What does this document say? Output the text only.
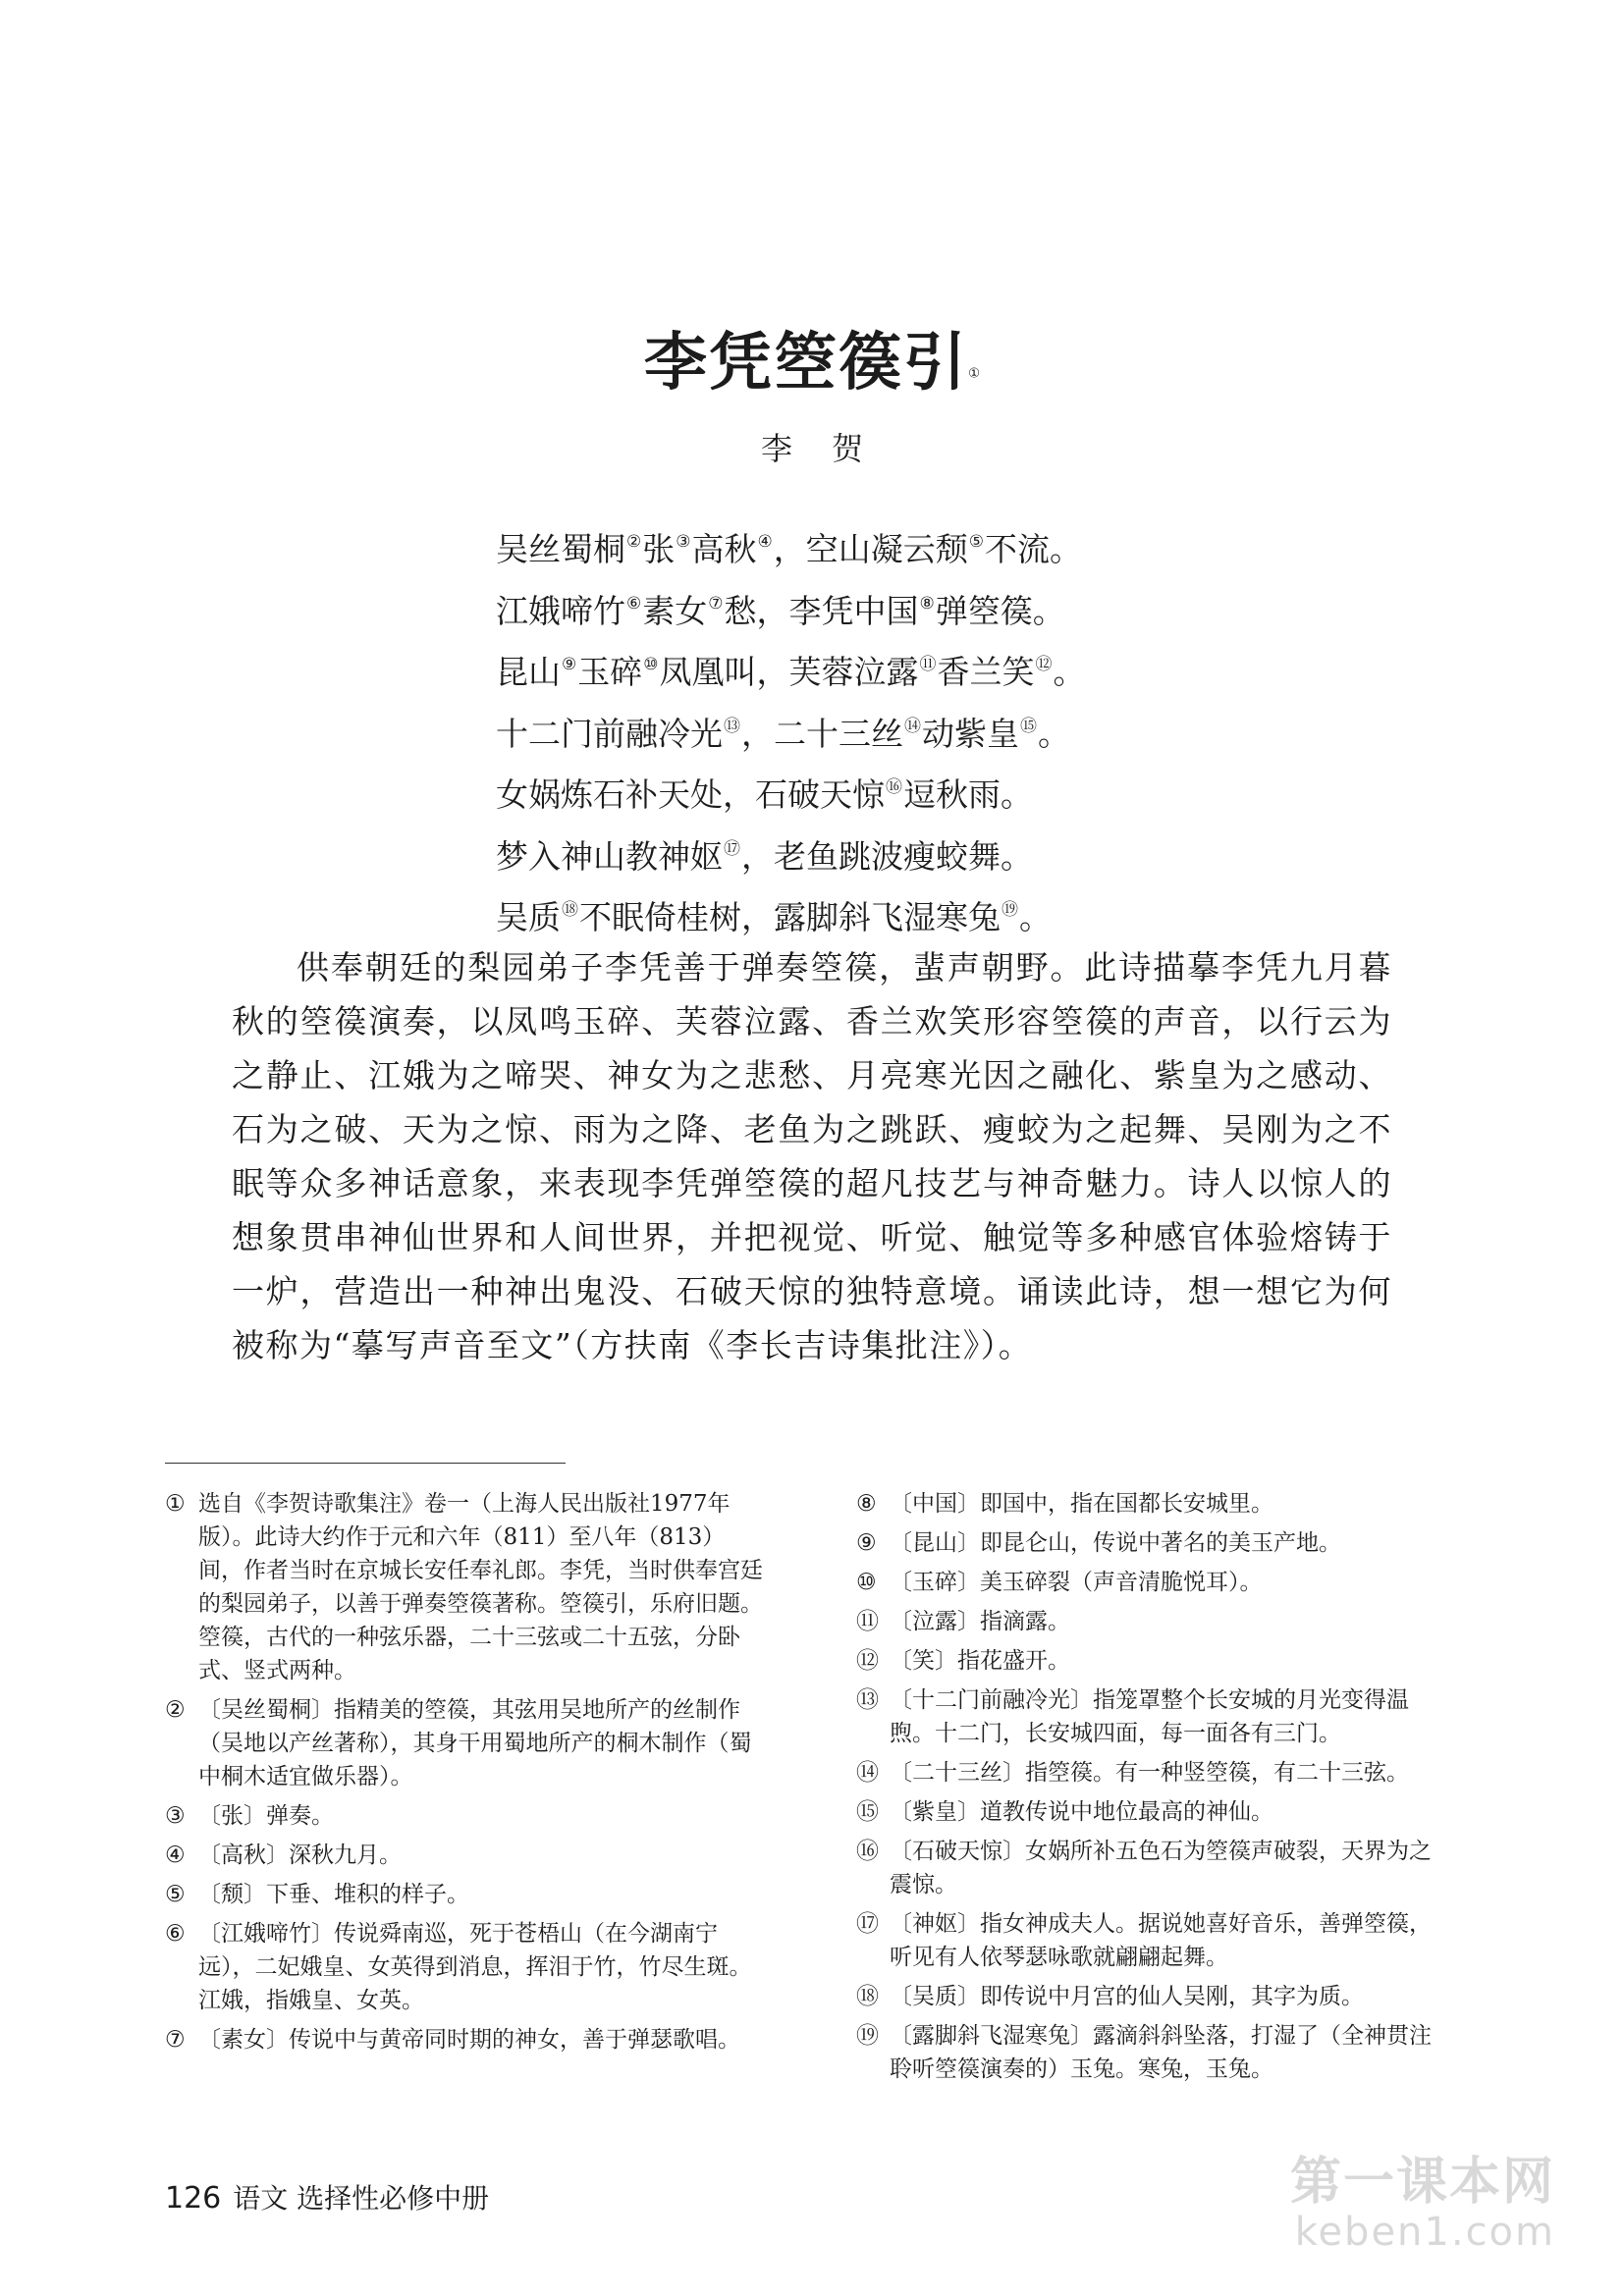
李凭箜篌引①
李贺
吴丝蜀桐②张③高秋④，空山凝云颓⑤不流。
江娥啼竹⑥素女⑦愁，李凭中国⑧弹箜篌。
昆山⑨玉碎⑩凤凰叫，芙蓉泣露⑪香兰笑⑫。
十二门前融冷光⑬，二十三丝⑭动紫皇⑮。
女娲炼石补天处，石破天惊⑯逗秋雨。
梦入神山教神妪⑰，老鱼跳波瘦蛟舞。
吴质⑱不眠倚桂树，露脚斜飞湿寒兔⑲。

供奉朝廷的梨园弟子李凭善于弹奏箜篌，蜚声朝野。此诗描摹李凭九月暮秋的箜篌演奏，以凤鸣玉碎、芙蓉泣露、香兰欢笑形容箜篌的声音，以行云为之静止、江娥为之啼哭、神女为之悲愁、月亮寒光因之融化、紫皇为之感动、石为之破、天为之惊、雨为之降、老鱼为之跳跃、瘦蛟为之起舞、吴刚为之不眠等众多神话意象，来表现李凭弹箜篌的超凡技艺与神奇魅力。诗人以惊人的想象贯串神仙世界和人间世界，并把视觉、听觉、触觉等多种感官体验熔铸于一炉，营造出一种神出鬼没、石破天惊的独特意境。诵读此诗，想一想它为何被称为“摹写声音至文”（方扶南《李长吉诗集批注》）。

① 选自《李贺诗歌集注》卷一（上海人民出版社1977年版）。此诗大约作于元和六年（811）至八年（813）间，作者当时在京城长安任奉礼郎。李凭，当时供奉宫廷的梨园弟子，以善于弹奏箜篌著称。箜篌引，乐府旧题。箜篌，古代的一种弦乐器，二十三弦或二十五弦，分卧式、竖式两种。
② 〔吴丝蜀桐〕指精美的箜篌，其弦用吴地所产的丝制作（吴地以产丝著称），其身干用蜀地所产的桐木制作（蜀中桐木适宜做乐器）。
③ 〔张〕弹奏。
④ 〔高秋〕深秋九月。
⑤ 〔颓〕下垂、堆积的样子。
⑥ 〔江娥啼竹〕传说舜南巡，死于苍梧山（在今湖南宁远），二妃娥皇、女英得到消息，挥泪于竹，竹尽生斑。江娥，指娥皇、女英。
⑦ 〔素女〕传说中与黄帝同时期的神女，善于弹瑟歌唱。
⑧ 〔中国〕即国中，指在国都长安城里。
⑨ 〔昆山〕即昆仑山，传说中著名的美玉产地。
⑩ 〔玉碎〕美玉碎裂（声音清脆悦耳）。
⑪ 〔泣露〕指滴露。
⑫ 〔笑〕指花盛开。
⑬ 〔十二门前融冷光〕指笼罩整个长安城的月光变得温煦。十二门，长安城四面，每一面各有三门。
⑭ 〔二十三丝〕指箜篌。有一种竖箜篌，有二十三弦。
⑮ 〔紫皇〕道教传说中地位最高的神仙。
⑯ 〔石破天惊〕女娲所补五色石为箜篌声破裂，天界为之震惊。
⑰ 〔神妪〕指女神成夫人。据说她喜好音乐，善弹箜篌，听见有人依琴瑟咏歌就翩翩起舞。
⑱ 〔吴质〕即传说中月宫的仙人吴刚，其字为质。
⑲ 〔露脚斜飞湿寒兔〕露滴斜斜坠落，打湿了（全神贯注聆听箜篌演奏的）玉兔。寒兔，玉兔。
126 语文 选择性必修中册	第一课本网
keben1.com
